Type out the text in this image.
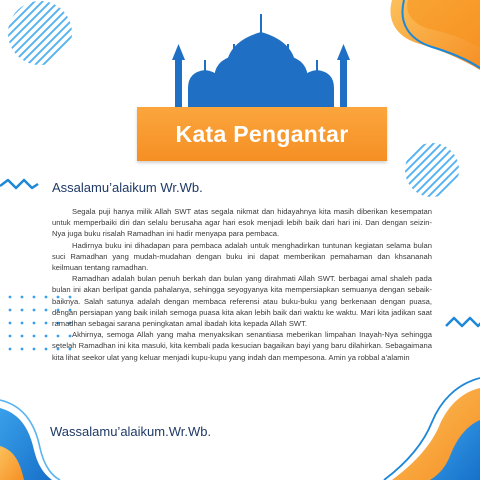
Kata Pengantar
Assalamu’alaikum Wr.Wb.

Segala puji hanya milik Allah SWT atas segala nikmat dan hidayahnya kita masih diberikan kesempatan untuk memperbaiki diri dan selalu berusaha agar hari esok menjadi lebih baik dari hari ini. Dan dengan seizin-Nya juga buku risalah Ramadhan ini hadir menyapa para pembaca.

Hadirnya buku ini dihadapan para pembaca adalah untuk menghadirkan tuntunan kegiatan selama bulan suci Ramadhan yang mudah-mudahan dengan buku ini dapat memberikan pemahaman dan khsananah keilmuan tentang ramadhan.

Ramadhan adalah bulan penuh berkah dan bulan yang dirahmati Allah SWT. berbagai amal shaleh pada bulan ini akan berlipat ganda pahalanya, sehingga seyogyanya kita mempersiapkan semuanya dengan sebaik-baiknya. Salah satunya adalah dengan membaca referensi atau buku-buku yang berkenaan dengan puasa, dengan persiapan yang baik inilah semoga puasa kita akan lebih baik dari waktu ke waktu. Mari kita jadikan saat ramadhan sebagai sarana peningkatan amal ibadah kita kepada Allah SWT.

Akhirnya, semoga Allah yang maha menyaksikan senantiasa meberikan limpahan Inayah-Nya sehingga setelah Ramadhan ini kita masuki, kita kembali pada kesucian bagaikan bayi yang baru dilahirkan. Sebagaimana kita lihat seekor ulat yang keluar menjadi kupu-kupu yang indah dan mempesona. Amin ya robbal a’alamin

Wassalamu’alaikum.Wr.Wb.
